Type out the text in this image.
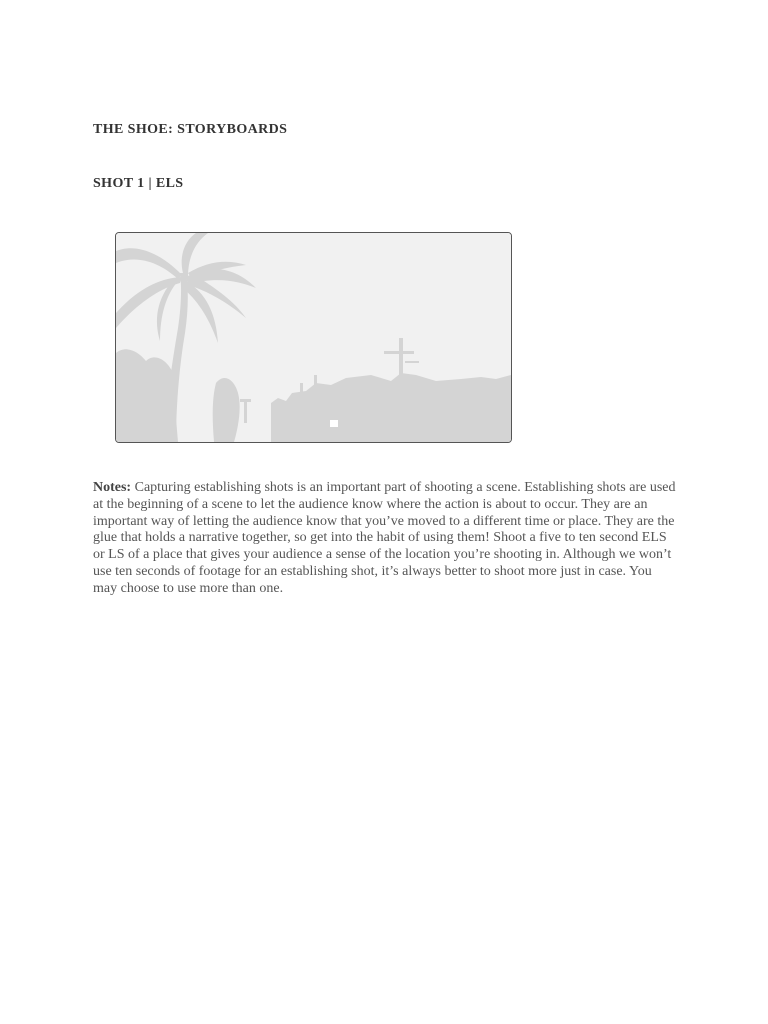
THE SHOE: STORYBOARDS
SHOT 1 | ELS

Notes: Capturing establishing shots is an important part of shooting a scene. Establishing shots are used at the beginning of a scene to let the audience know where the action is about to occur. They are an important way of letting the audience know that you’ve moved to a different time or place. They are the glue that holds a narrative together, so get into the habit of using them! Shoot a five to ten second ELS or LS of a place that gives your audience a sense of the location you’re shooting in. Although we won’t use ten seconds of footage for an establishing shot, it’s always better to shoot more just in case. You may choose to use more than one.
